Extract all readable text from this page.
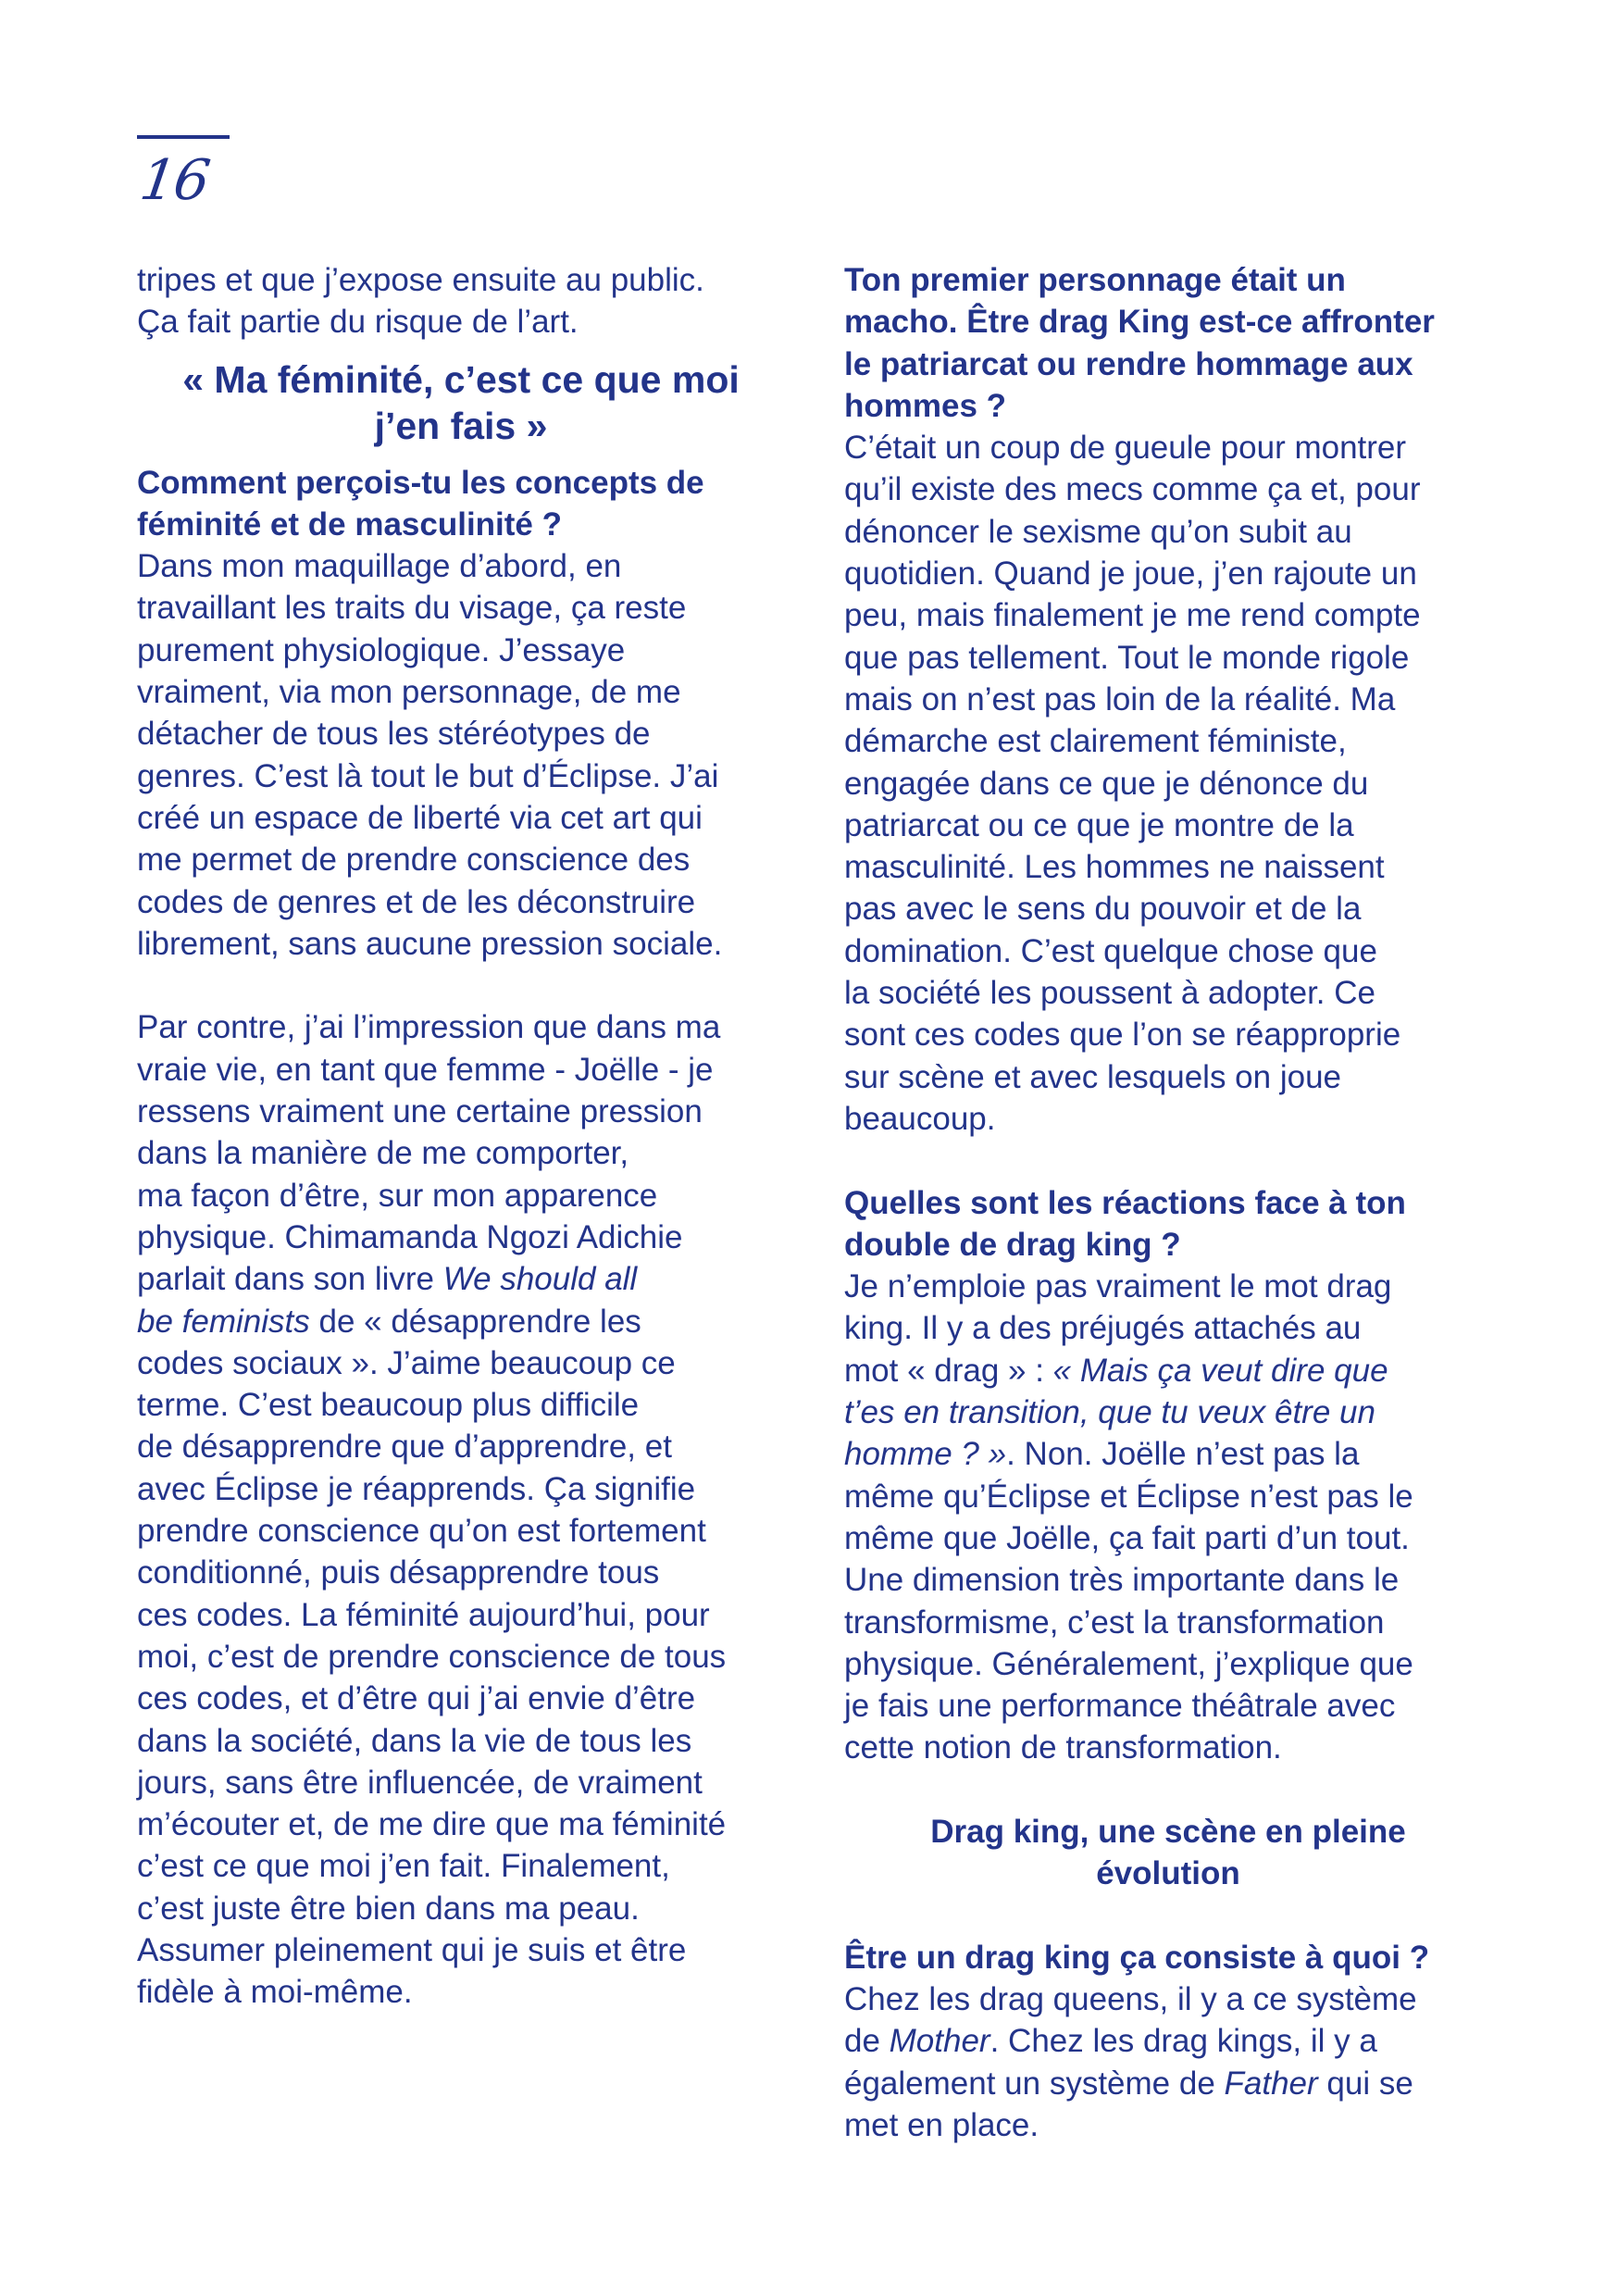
16

tripes et que j’expose ensuite au public.

Ça fait partie du risque de l’art.

« Ma féminité, c’est ce que moi
j’en fais »

Comment perçois-tu les concepts de

féminité et de masculinité ?

Dans mon maquillage d’abord, en

travaillant les traits du visage, ça reste

purement physiologique. J’essaye

vraiment, via mon personnage, de me

détacher de tous les stéréotypes de

genres. C’est là tout le but d’Éclipse. J’ai

créé un espace de liberté via cet art qui

me permet de prendre conscience des

codes de genres et de les déconstruire

librement, sans aucune pression sociale.

Par contre, j’ai l’impression que dans ma

vraie vie, en tant que femme - Joëlle - je

ressens vraiment une certaine pression

dans la manière de me comporter,

ma façon d’être, sur mon apparence

physique. Chimamanda Ngozi Adichie

parlait dans son livre We should all

be feminists de « désapprendre les

codes sociaux ». J’aime beaucoup ce

terme. C’est beaucoup plus difficile

de désapprendre que d’apprendre, et

avec Éclipse je réapprends. Ça signifie

prendre conscience qu’on est fortement

conditionné, puis désapprendre tous

ces codes. La féminité aujourd’hui, pour

moi, c’est de prendre conscience de tous

ces codes, et d’être qui j’ai envie d’être

dans la société, dans la vie de tous les

jours, sans être influencée, de vraiment

m’écouter et, de me dire que ma féminité

c’est ce que moi j’en fait. Finalement,

c’est juste être bien dans ma peau.

Assumer pleinement qui je suis et être

fidèle à moi-même.

Ton premier personnage était un

macho. Être drag King est-ce affronter

le patriarcat ou rendre hommage aux

hommes ?

C’était un coup de gueule pour montrer

qu’il existe des mecs comme ça et, pour

dénoncer le sexisme qu’on subit au

quotidien. Quand je joue, j’en rajoute un

peu, mais finalement je me rend compte

que pas tellement. Tout le monde rigole

mais on n’est pas loin de la réalité. Ma

démarche est clairement féministe,

engagée dans ce que je dénonce du

patriarcat ou ce que je montre de la

masculinité. Les hommes ne naissent

pas avec le sens du pouvoir et de la

domination. C’est quelque chose que

la société les poussent à adopter. Ce

sont ces codes que l’on se réapproprie

sur scène et avec lesquels on joue

beaucoup.

Quelles sont les réactions face à ton

double de drag king ?

Je n’emploie pas vraiment le mot drag

king. Il y a des préjugés attachés au

mot « drag » : « Mais ça veut dire que

t’es en transition, que tu veux être un

homme ? ». Non. Joëlle n’est pas la

même qu’Éclipse et Éclipse n’est pas le

même que Joëlle, ça fait parti d’un tout.

Une dimension très importante dans le

transformisme, c’est la transformation

physique. Généralement, j’explique que

je fais une performance théâtrale avec

cette notion de transformation.

Drag king, une scène en pleine
évolution

Être un drag king ça consiste à quoi ?

Chez les drag queens, il y a ce système

de Mother. Chez les drag kings, il y a

également un système de Father qui se

met en place.
